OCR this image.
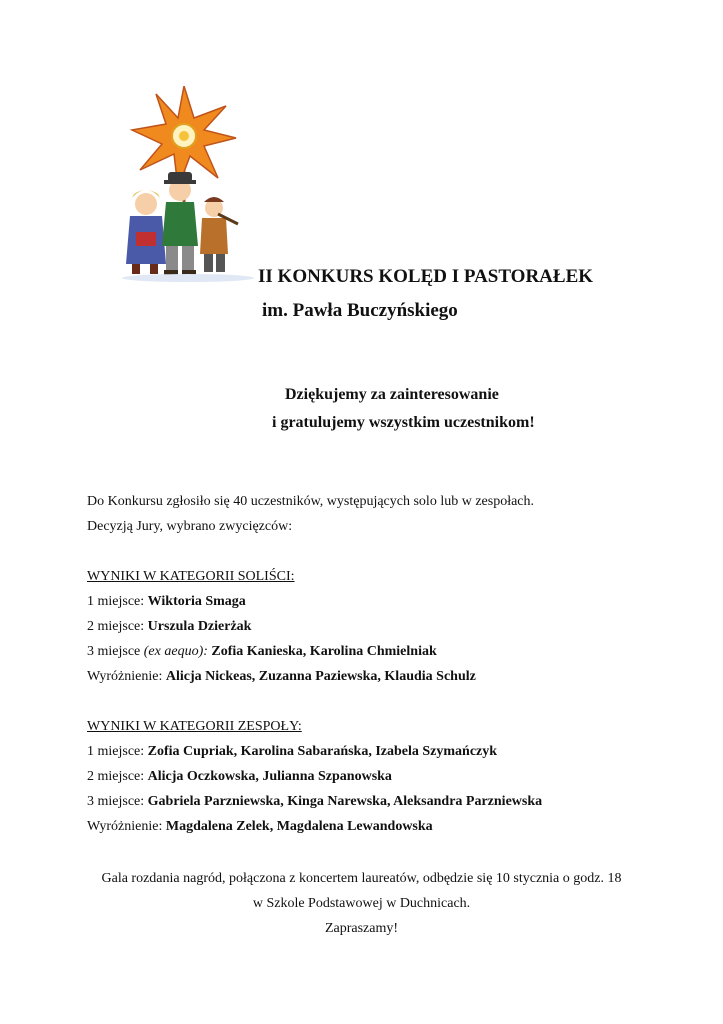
II KONKURS KOLĘD I PASTORAŁEK
im. Pawła Buczyńskiego
Dziękujemy za zainteresowanie
i gratulujemy wszystkim uczestnikom!
Do Konkursu zgłosiło się 40 uczestników, występujących solo lub w zespołach.
Decyzją Jury, wybrano zwycięzców:
WYNIKI W KATEGORII SOLIŚCI:
1 miejsce: Wiktoria Smaga
2 miejsce: Urszula Dzierżak
3 miejsce (ex aequo): Zofia Kanieska, Karolina Chmielniak
Wyróżnienie: Alicja Nickeas, Zuzanna Paziewska, Klaudia Schulz
WYNIKI W KATEGORII ZESPOŁY:
1 miejsce: Zofia Cupriak, Karolina Sabarańska, Izabela Szymańczyk
2 miejsce: Alicja Oczkowska, Julianna Szpanowska
3 miejsce: Gabriela Parzniewska, Kinga Narewska, Aleksandra Parzniewska
Wyróżnienie: Magdalena Zelek, Magdalena Lewandowska
Gala rozdania nagród, połączona z koncertem laureatów, odbędzie się 10 stycznia o godz. 18
w Szkole Podstawowej w Duchnicach.
Zapraszamy!
